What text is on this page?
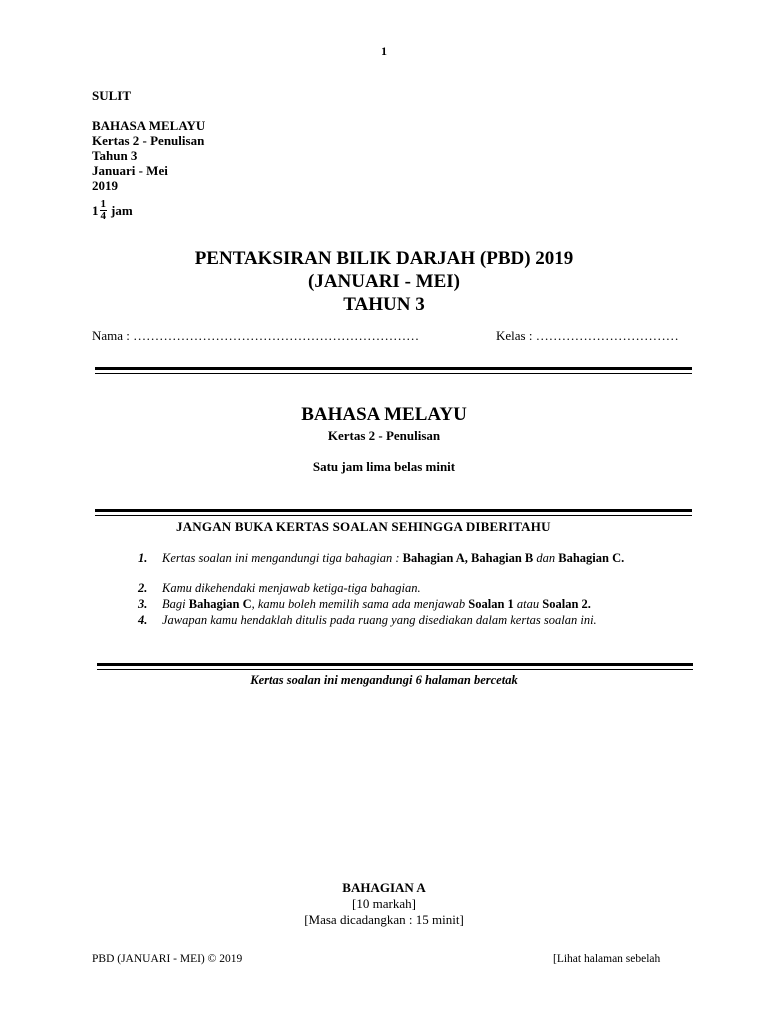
1
SULIT
BAHASA MELAYU
Kertas 2 - Penulisan
Tahun 3
Januari - Mei
2019
$1 \frac{1}{4}$ jam
PENTAKSIRAN BILIK DARJAH (PBD) 2019
(JANUARI - MEI)
TAHUN 3
Nama : …………………………………………………………	Kelas : ……………………………
BAHASA MELAYU
Kertas 2 - Penulisan
Satu jam lima belas minit
JANGAN BUKA KERTAS SOALAN SEHINGGA DIBERITAHU
1. Kertas soalan ini mengandungi tiga bahagian : Bahagian A, Bahagian B dan Bahagian C.
2. Kamu dikehendaki menjawab ketiga-tiga bahagian.
3. Bagi Bahagian C, kamu boleh memilih sama ada menjawab Soalan 1 atau Soalan 2.
4. Jawapan kamu hendaklah ditulis pada ruang yang disediakan dalam kertas soalan ini.
Kertas soalan ini mengandungi 6 halaman bercetak
BAHAGIAN A
[10 markah]
[Masa dicadangkan : 15 minit]
PBD (JANUARI - MEI) © 2019	[Lihat halaman sebelah
